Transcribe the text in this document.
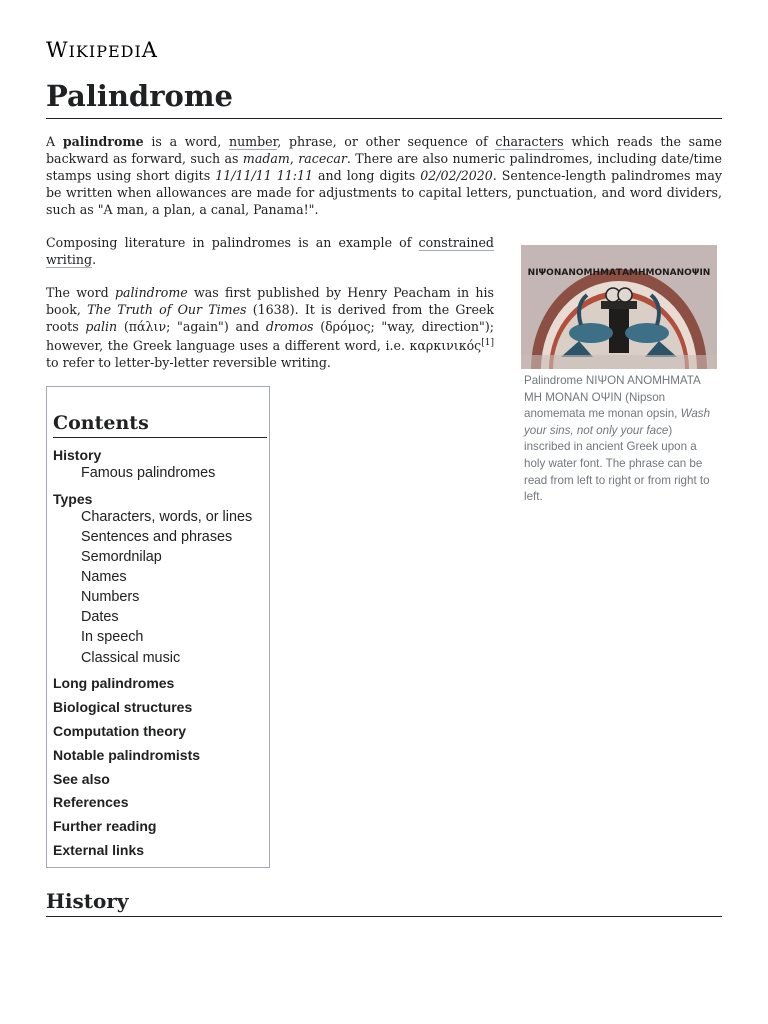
WIKIPEDIA
Palindrome

A palindrome is a word, number, phrase, or other sequence of characters which reads the same backward as forward, such as madam, racecar. There are also numeric palindromes, including date/time stamps using short digits 11/11/11 11:11 and long digits 02/02/2020. Sentence-length palindromes may be written when allowances are made for adjustments to capital letters, punctuation, and word dividers, such as "A man, a plan, a canal, Panama!".

Composing literature in palindromes is an example of constrained writing.

The word palindrome was first published by Henry Peacham in his book, The Truth of Our Times (1638). It is derived from the Greek roots palin (πάλιν; "again") and dromos (δρόμος; "way, direction"); however, the Greek language uses a different word, i.e. καρκινικός[1] to refer to letter-by-letter reversible writing.

ΝΙΨΟΝΑΝΟΜΗΜΑΤΑΜΗΜΟΝΑΝΟΨΙΝ
Palindrome ΝΙΨΟΝ ΑΝΟΜΗΜΑΤΑ ΜΗ ΜΟΝΑΝ ΟΨΙΝ (Nipson anomemata me monan opsin, Wash your sins, not only your face) inscribed in ancient Greek upon a holy water font. The phrase can be read from left to right or from right to left.
Contents
History
Famous palindromes
Types
Characters, words, or lines
Sentences and phrases
Semordnilap
Names
Numbers
Dates
In speech
Classical music
Long palindromes
Biological structures
Computation theory
Notable palindromists
See also
References
Further reading
External links
History
